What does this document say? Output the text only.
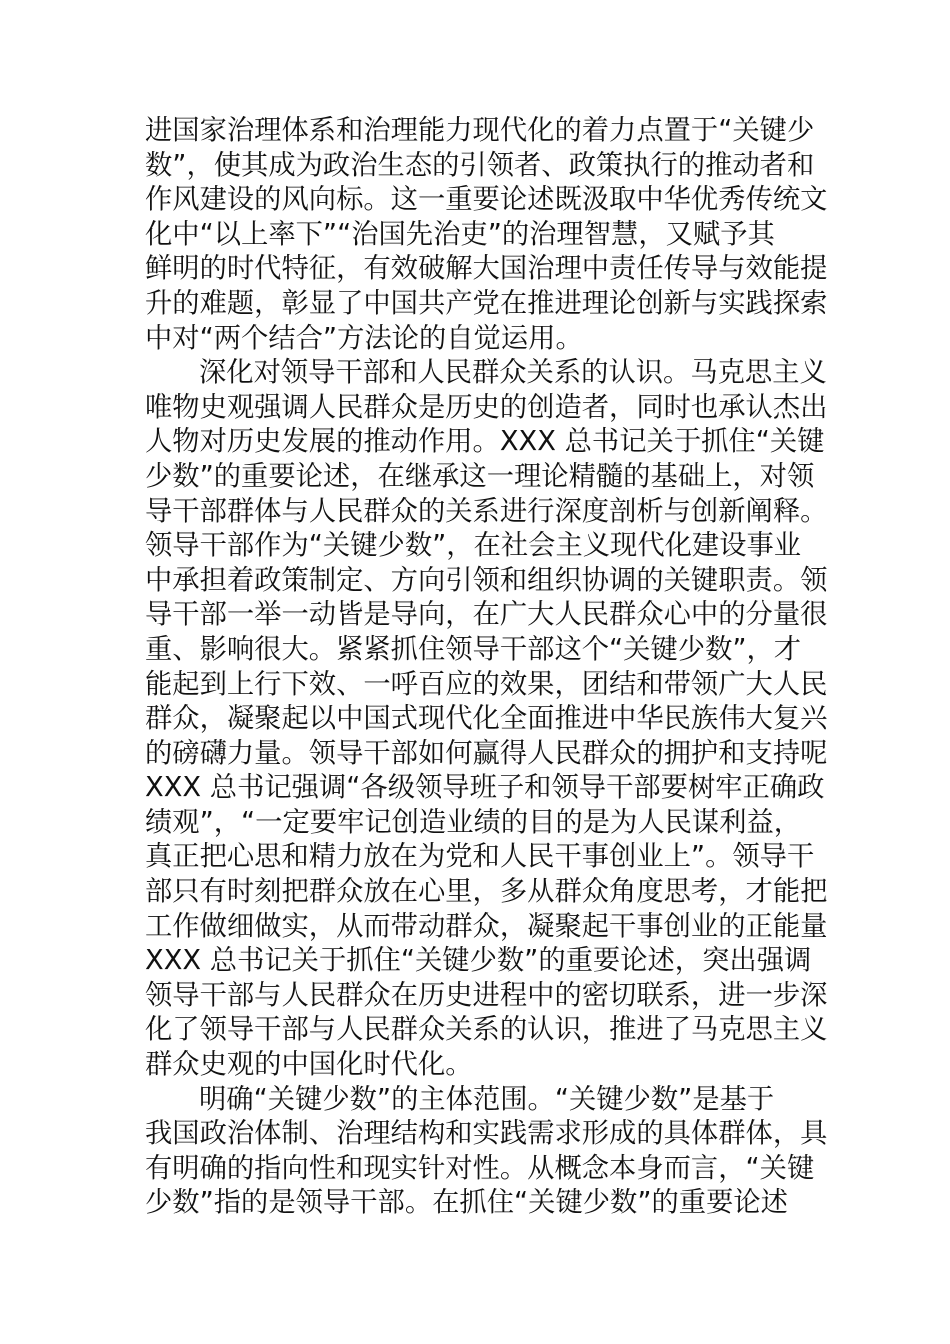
进国家治理体系和治理能力现代化的着力点置于“关键少
数”，使其成为政治生态的引领者、政策执行的推动者和
作风建设的风向标。这一重要论述既汲取中华优秀传统文
化中“以上率下”“治国先治吏”的治理智慧，又赋予其
鲜明的时代特征，有效破解大国治理中责任传导与效能提
升的难题，彰显了中国共产党在推进理论创新与实践探索
中对“两个结合”方法论的自觉运用。
深化对领导干部和人民群众关系的认识。马克思主义
唯物史观强调人民群众是历史的创造者，同时也承认杰出
人物对历史发展的推动作用。XXX 总书记关于抓住“关键
少数”的重要论述，在继承这一理论精髓的基础上，对领
导干部群体与人民群众的关系进行深度剖析与创新阐释。
领导干部作为“关键少数”，在社会主义现代化建设事业
中承担着政策制定、方向引领和组织协调的关键职责。领
导干部一举一动皆是导向，在广大人民群众心中的分量很
重、影响很大。紧紧抓住领导干部这个“关键少数”，才
能起到上行下效、一呼百应的效果，团结和带领广大人民
群众，凝聚起以中国式现代化全面推进中华民族伟大复兴
的磅礴力量。领导干部如何赢得人民群众的拥护和支持呢
XXX 总书记强调“各级领导班子和领导干部要树牢正确政
绩观”，“一定要牢记创造业绩的目的是为人民谋利益，
真正把心思和精力放在为党和人民干事创业上”。领导干
部只有时刻把群众放在心里，多从群众角度思考，才能把
工作做细做实，从而带动群众，凝聚起干事创业的正能量
XXX 总书记关于抓住“关键少数”的重要论述，突出强调
领导干部与人民群众在历史进程中的密切联系，进一步深
化了领导干部与人民群众关系的认识，推进了马克思主义
群众史观的中国化时代化。
明确“关键少数”的主体范围。“关键少数”是基于
我国政治体制、治理结构和实践需求形成的具体群体，具
有明确的指向性和现实针对性。从概念本身而言，“关键
少数”指的是领导干部。在抓住“关键少数”的重要论述
